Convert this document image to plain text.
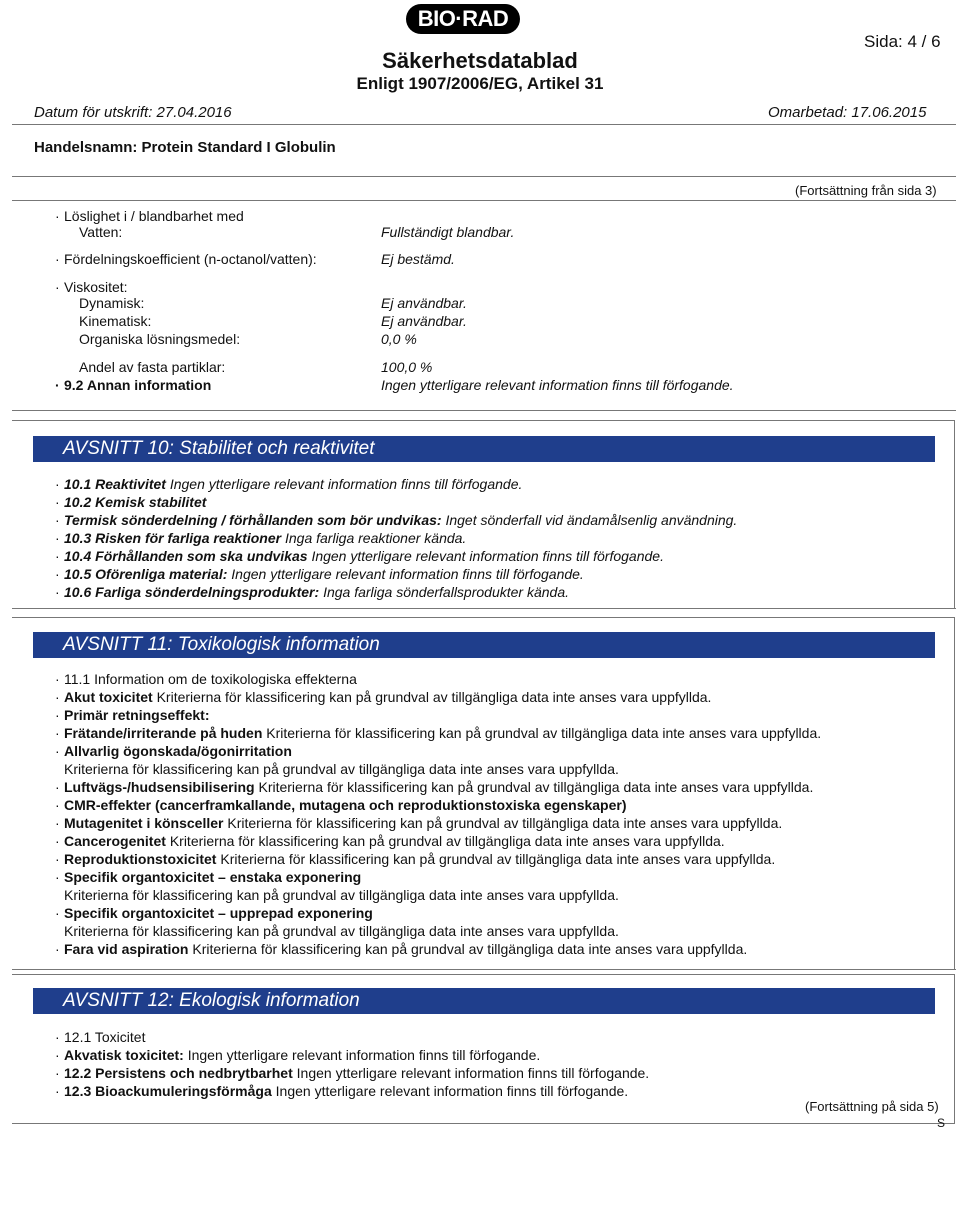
BIO·RAD
Säkerhetsdatablad
Enligt 1907/2006/EG, Artikel 31
Sida: 4 / 6
Datum för utskrift: 27.04.2016	Omarbetad: 17.06.2015
Handelsnamn: Protein Standard I Globulin
(Fortsättning från sida 3)
· Löslighet i / blandbarhet med
Vatten:	Fullständigt blandbar.
· Fördelningskoefficient (n-octanol/vatten):	Ej bestämd.
· Viskositet:
Dynamisk:	Ej användbar.
Kinematisk:	Ej användbar.
Organiska lösningsmedel:	0,0 %
Andel av fasta partiklar:	100,0 %
· 9.2 Annan information	Ingen ytterligare relevant information finns till förfogande.
AVSNITT 10: Stabilitet och reaktivitet
· 10.1 Reaktivitet Ingen ytterligare relevant information finns till förfogande.
· 10.2 Kemisk stabilitet
· Termisk sönderdelning / förhållanden som bör undvikas: Inget sönderfall vid ändamålsenlig användning.
· 10.3 Risken för farliga reaktioner Inga farliga reaktioner kända.
· 10.4 Förhållanden som ska undvikas Ingen ytterligare relevant information finns till förfogande.
· 10.5 Oförenliga material: Ingen ytterligare relevant information finns till förfogande.
· 10.6 Farliga sönderdelningsprodukter: Inga farliga sönderfallsprodukter kända.
AVSNITT 11: Toxikologisk information
· 11.1 Information om de toxikologiska effekterna
· Akut toxicitet Kriterierna för klassificering kan på grundval av tillgängliga data inte anses vara uppfyllda.
· Primär retningseffekt:
· Frätande/irriterande på huden Kriterierna för klassificering kan på grundval av tillgängliga data inte anses vara uppfyllda.
· Allvarlig ögonskada/ögonirritation
Kriterierna för klassificering kan på grundval av tillgängliga data inte anses vara uppfyllda.
· Luftvägs-/hudsensibilisering Kriterierna för klassificering kan på grundval av tillgängliga data inte anses vara uppfyllda.
· CMR-effekter (cancerframkallande, mutagena och reproduktionstoxiska egenskaper)
· Mutagenitet i könsceller Kriterierna för klassificering kan på grundval av tillgängliga data inte anses vara uppfyllda.
· Cancerogenitet Kriterierna för klassificering kan på grundval av tillgängliga data inte anses vara uppfyllda.
· Reproduktionstoxicitet Kriterierna för klassificering kan på grundval av tillgängliga data inte anses vara uppfyllda.
· Specifik organtoxicitet – enstaka exponering
Kriterierna för klassificering kan på grundval av tillgängliga data inte anses vara uppfyllda.
· Specifik organtoxicitet – upprepad exponering
Kriterierna för klassificering kan på grundval av tillgängliga data inte anses vara uppfyllda.
· Fara vid aspiration Kriterierna för klassificering kan på grundval av tillgängliga data inte anses vara uppfyllda.
AVSNITT 12: Ekologisk information
· 12.1 Toxicitet
· Akvatisk toxicitet: Ingen ytterligare relevant information finns till förfogande.
· 12.2 Persistens och nedbrytbarhet Ingen ytterligare relevant information finns till förfogande.
· 12.3 Bioackumuleringsförmåga Ingen ytterligare relevant information finns till förfogande.
(Fortsättning på sida 5)
S
